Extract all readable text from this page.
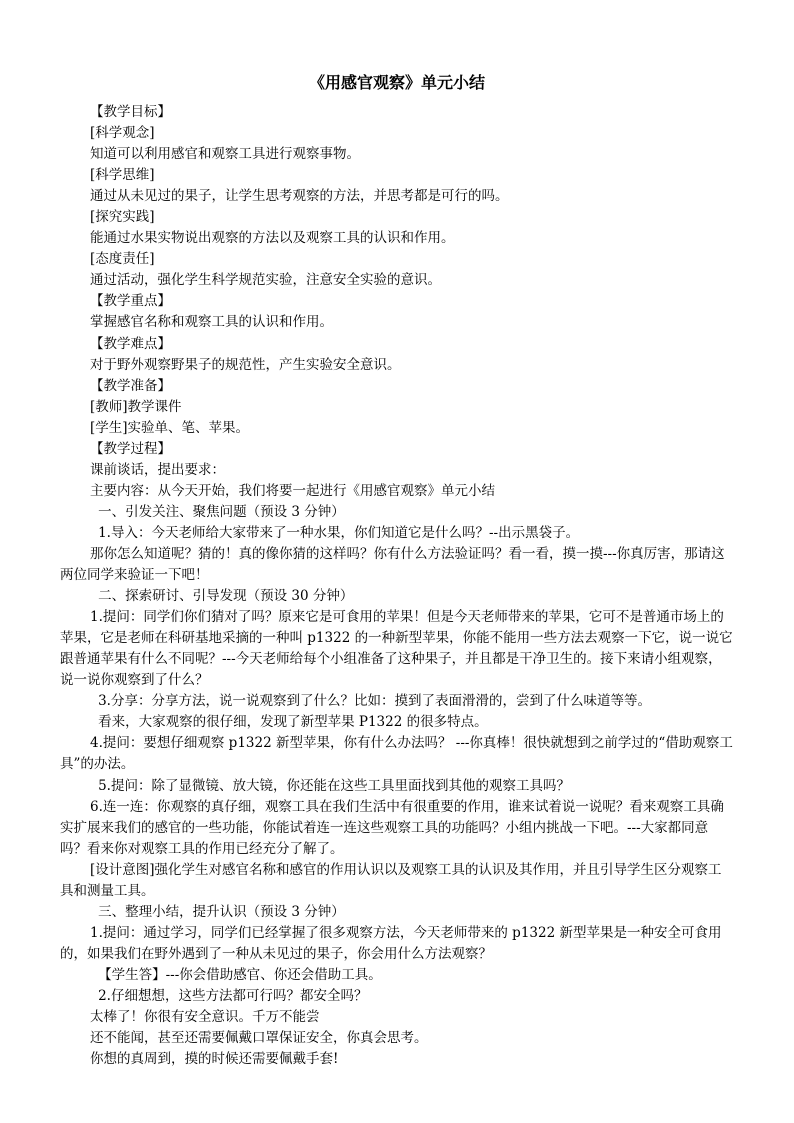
《用感官观察》单元小结

【教学目标】

[科学观念]

知道可以利用感官和观察工具进行观察事物。

[科学思维]

通过从未见过的果子，让学生思考观察的方法，并思考都是可行的吗。

[探究实践]

能通过水果实物说出观察的方法以及观察工具的认识和作用。

[态度责任]

通过活动，强化学生科学规范实验，注意安全实验的意识。

【教学重点】

掌握感官名称和观察工具的认识和作用。

【教学难点】

对于野外观察野果子的规范性，产生实验安全意识。

【教学准备】

[教师]教学课件

[学生]实验单、笔、苹果。

【教学过程】

课前谈话，提出要求：

主要内容：从今天开始，我们将要一起进行《用感官观察》单元小结

一、引发关注、聚焦问题（预设 3 分钟）

1.导入：今天老师给大家带来了一种水果，你们知道它是什么吗？--出示黑袋子。

那你怎么知道呢？猜的！真的像你猜的这样吗？你有什么方法验证吗？看一看，摸一摸---你真厉害，那请这两位同学来验证一下吧！

二、探索研讨、引导发现（预设 30 分钟）

1.提问：同学们你们猜对了吗？原来它是可食用的苹果！但是今天老师带来的苹果，它可不是普通市场上的苹果，它是老师在科研基地采摘的一种叫 p1322 的一种新型苹果，你能不能用一些方法去观察一下它，说一说它跟普通苹果有什么不同呢？---今天老师给每个小组准备了这种果子，并且都是干净卫生的。接下来请小组观察，说一说你观察到了什么？

3.分享：分享方法，说一说观察到了什么？比如：摸到了表面滑滑的，尝到了什么味道等等。

看来，大家观察的很仔细，发现了新型苹果 P1322 的很多特点。

4.提问：要想仔细观察 p1322 新型苹果，你有什么办法吗？ ---你真棒！很快就想到之前学过的“借助观察工具”的办法。

5.提问：除了显微镜、放大镜，你还能在这些工具里面找到其他的观察工具吗？

6.连一连：你观察的真仔细，观察工具在我们生活中有很重要的作用，谁来试着说一说呢？看来观察工具确实扩展来我们的感官的一些功能，你能试着连一连这些观察工具的功能吗？小组内挑战一下吧。---大家都同意吗？看来你对观察工具的作用已经充分了解了。

[设计意图]强化学生对感官名称和感官的作用认识以及观察工具的认识及其作用，并且引导学生区分观察工具和测量工具。

三、整理小结，提升认识（预设 3 分钟）

1.提问：通过学习，同学们已经掌握了很多观察方法，今天老师带来的 p1322 新型苹果是一种安全可食用的，如果我们在野外遇到了一种从未见过的果子，你会用什么方法观察？

【学生答】---你会借助感官、你还会借助工具。

2.仔细想想，这些方法都可行吗？都安全吗？

太棒了！你很有安全意识。千万不能尝

还不能闻，甚至还需要佩戴口罩保证安全，你真会思考。

你想的真周到，摸的时候还需要佩戴手套!
